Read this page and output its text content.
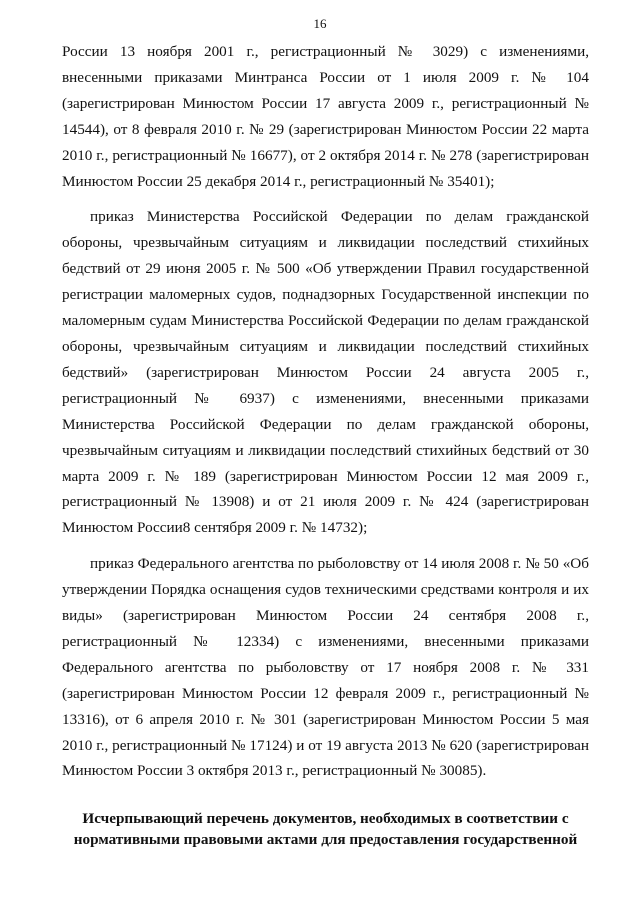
16

России 13 ноября 2001 г., регистрационный № 3029) с изменениями, внесенными приказами Минтранса России от 1 июля 2009 г. № 104 (зарегистрирован Минюстом России 17 августа 2009 г., регистрационный № 14544), от 8 февраля 2010 г. № 29 (зарегистрирован Минюстом России 22 марта 2010 г., регистрационный № 16677), от 2 октября 2014 г. № 278 (зарегистрирован Минюстом России 25 декабря 2014 г., регистрационный № 35401);

приказ Министерства Российской Федерации по делам гражданской обороны, чрезвычайным ситуациям и ликвидации последствий стихийных бедствий от 29 июня 2005 г. № 500 «Об утверждении Правил государственной регистрации маломерных судов, поднадзорных Государственной инспекции по маломерным судам Министерства Российской Федерации по делам гражданской обороны, чрезвычайным ситуациям и ликвидации последствий стихийных бедствий» (зарегистрирован Минюстом России 24 августа 2005 г., регистрационный № 6937) с изменениями, внесенными приказами Министерства Российской Федерации по делам гражданской обороны, чрезвычайным ситуациям и ликвидации последствий стихийных бедствий от 30 марта 2009 г. № 189 (зарегистрирован Минюстом России 12 мая 2009 г., регистрационный № 13908) и от 21 июля 2009 г. № 424 (зарегистрирован Минюстом России8 сентября 2009 г. № 14732);

приказ Федерального агентства по рыболовству от 14 июля 2008 г. № 50 «Об утверждении Порядка оснащения судов техническими средствами контроля и их виды» (зарегистрирован Минюстом России 24 сентября 2008 г., регистрационный № 12334) с изменениями, внесенными приказами Федерального агентства по рыболовству от 17 ноября 2008 г. № 331 (зарегистрирован Минюстом России 12 февраля 2009 г., регистрационный № 13316), от 6 апреля 2010 г. № 301 (зарегистрирован Минюстом России 5 мая 2010 г., регистрационный № 17124) и от 19 августа 2013 № 620 (зарегистрирован Минюстом России 3 октября 2013 г., регистрационный № 30085).

Исчерпывающий перечень документов, необходимых в соответствии с нормативными правовыми актами для предоставления государственной
